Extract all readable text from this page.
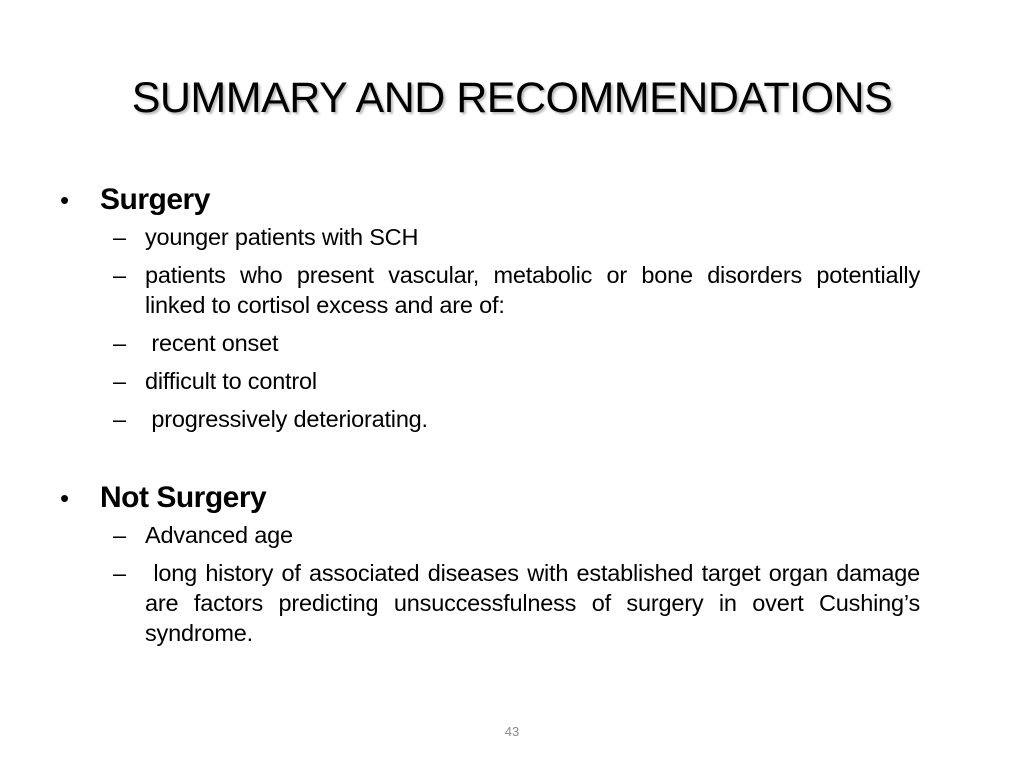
SUMMARY AND RECOMMENDATIONS
• Surgery
– younger patients with SCH
– patients who present vascular, metabolic or bone disorders potentially linked to cortisol excess and are of:
– recent onset
– difficult to control
– progressively deteriorating.
• Not Surgery
– Advanced age
– long history of associated diseases with established target organ damage are factors predicting unsuccessfulness of surgery in overt Cushing’s syndrome.
43
